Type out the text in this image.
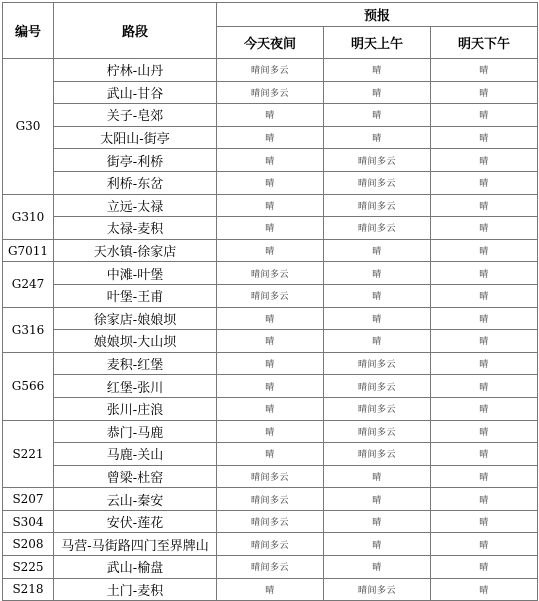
编号	路段	预报		
		今天夜间	明天上午	明天下午
G30	柠林-山丹	晴间多云	晴	晴
	武山-甘谷	晴间多云	晴	晴
	关子-皂郊	晴	晴	晴
	太阳山-街亭	晴	晴	晴
	街亭-利桥	晴	晴间多云	晴
	利桥-东岔	晴	晴间多云	晴
G310	立远-太禄	晴	晴间多云	晴
	太禄-麦积	晴	晴间多云	晴
G7011	天水镇-徐家店	晴	晴	晴
G247	中滩-叶堡	晴间多云	晴	晴
	叶堡-王甫	晴间多云	晴	晴
G316	徐家店-娘娘坝	晴	晴	晴
	娘娘坝-大山坝	晴	晴	晴
G566	麦积-红堡	晴	晴间多云	晴
	红堡-张川	晴	晴间多云	晴
	张川-庄浪	晴	晴间多云	晴
S221	恭门-马鹿	晴	晴间多云	晴
	马鹿-关山	晴	晴间多云	晴
	曾梁-杜窑	晴间多云	晴	晴
S207	云山-秦安	晴间多云	晴	晴
S304	安伏-莲花	晴间多云	晴	晴
S208	马营-马街路四门至界牌山	晴间多云	晴	晴
S225	武山-榆盘	晴间多云	晴	晴
S218	土门-麦积	晴	晴间多云	晴
